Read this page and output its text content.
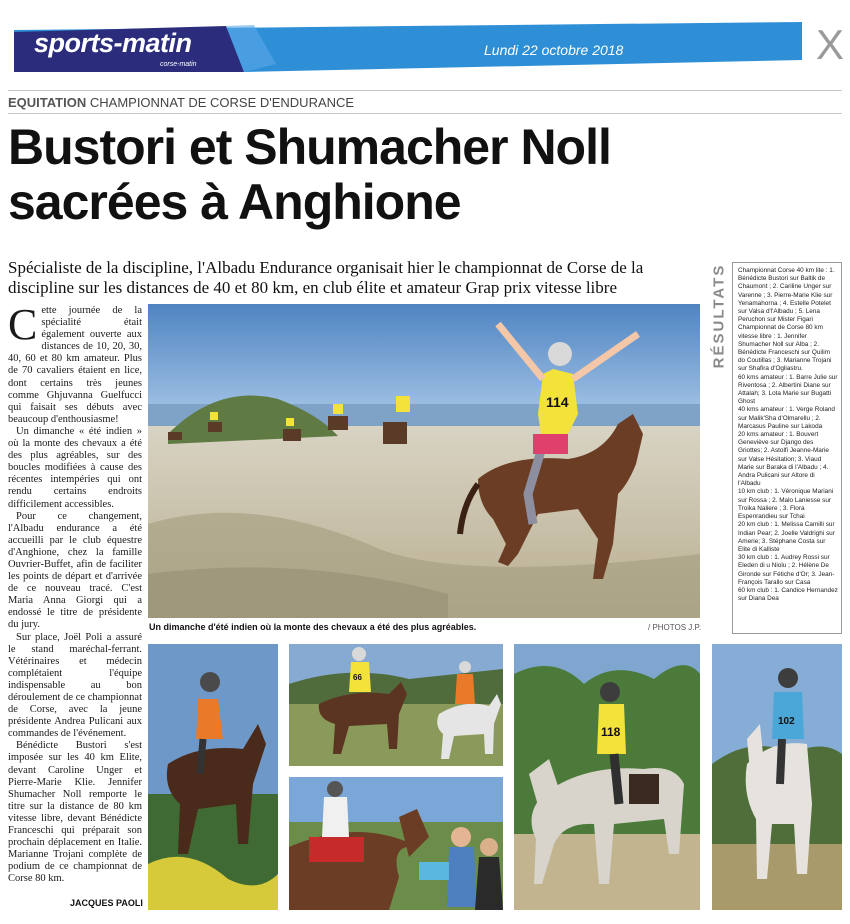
sports-matin
corse-matin
Lundi 22 octobre 2018	X
EQUITATION CHAMPIONNAT DE CORSE D'ENDURANCE
Bustori et Shumacher Noll
sacrées à Anghione
Spécialiste de la discipline, l'Albadu Endurance organisait hier le championnat de Corse de la discipline sur les distances de 40 et 80 km, en club élite et amateur Grap prix vitesse libre

Cette journée de la spécialité était également ouverte aux distances de 10, 20, 30, 40, 60 et 80 km amateur. Plus de 70 cavaliers étaient en lice, dont certains très jeunes comme Ghjuvanna Guelfucci qui faisait ses débuts avec beaucoup d'enthousiasme!

Un dimanche « été indien » où la monte des chevaux a été des plus agréables, sur des boucles modifiées à cause des récentes intempéries qui ont rendu certains endroits difficilement accessibles.

Pour ce changement, l'Albadu endurance a été accueilli par le club équestre d'Anghione, chez la famille Ouvrier-Buffet, afin de faciliter les points de départ et d'arrivée de ce nouveau tracé. C'est Maria Anna Giorgi qui a endossé le titre de présidente du jury.

Sur place, Joël Poli a assuré le stand maréchal-ferrant. Vétérinaires et médecin complétaient l'équipe indispensable au bon déroulement de ce championnat de Corse, avec la jeune présidente Andrea Pulicani aux commandes de l'événement.

Bénédicte Bustori s'est imposée sur les 40 km Elite, devant Caroline Unger et Pierre-Marie Klie. Jennifer Shumacher Noll remporte le titre sur la distance de 80 km vitesse libre, devant Bénédicte Franceschi qui préparait son prochain déplacement en Italie. Marianne Trojani complète de podium de ce championnat de Corse 80 km.

JACQUES PAOLI
114
Un dimanche d'été indien où la monte des chevaux a été des plus agréables.	/ PHOTOS J.P.
RÉSULTATS Championnat Corse 40 km lite : 1. Bénédicte Bustori sur Baltik de Chaumont ; 2. Cariline Unger sur Varenne ; 3. Pierre-Marie Klie sur Yenamahorna ; 4. Estelle Potelet sur Valsa d'l'Albadu ; 5. Lena Peruchon sur Mister Figari

Championnat de Corse 80 km vitesse libre : 1. Jennifer Shumacher Noll sur Alba ; 2. Bénédicte Franceschi sur Quilim do Coutillas ; 3. Marianne Trojani sur Shafira d'Ogliastru.

60 kms amateur : 1. Barre Julie sur Riventosa ; 2. Albertini Diane sur Attalah; 3. Lota Marie sur Bugatti Ghost

40 kms amateur : 1. Verge Roland sur Malik'Sha d'Olmarellu ; 2. Marcasus Pauline sur Lakoda

20 kms amateur : 1. Bouvert Geneviève sur Django des Griottes; 2. Astolfi Jeanne-Marie sur Valse Hésitation; 3. Viaud Marie sur Baraka di l'Albadu ; 4. Andra Pulicani sur Altore di l'Albadu

10 km club : 1. Véronique Mariani sur Rossa ; 2. Malo Laniesse sur Troika Naliere ; 3. Flora Espenrandieu sur Tchai

20 km club : 1. Melissa Camilli sur Indian Pear; 2. Joelle Valdrighi sur Amerie; 3. Stéphane Costa sur Elite di Kalliste

30 km club : 1. Audrey Rossi sur Eleden di u Niolu ; 2. Hélène De Gironde sur Fétiche d'Or; 3. Jean-François Tarallo sur Casa

60 km club : 1. Candice Hernandez sur Diana Dea

66
118
102
